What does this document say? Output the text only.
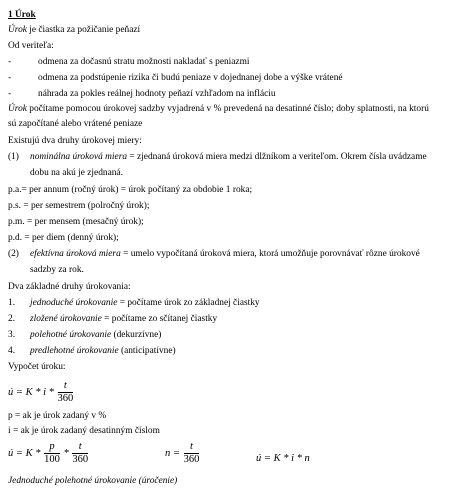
1 Úrok
Úrok je čiastka za požičanie peňazí
Od veriteľa:
-	odmena za dočasnú stratu možnosti nakladať s peniazmi
-	odmena za podstúpenie rizika či budú peniaze v dojednanej dobe a výške vrátené
-	náhrada za pokles reálnej hodnoty peňazí vzhľadom na infláciu
Úrok počítame pomocou úrokovej sadzby vyjadrená v % prevedená na desatinné číslo; doby splatnosti, na ktorú
sú započítané alebo vrátené peniaze
Existujú dva druhy úrokovej miery:
(1) nominálna úroková miera = zjednaná úroková miera medzi dlžníkom a veriteľom. Okrem čísla uvádzame
dobu na akú je zjednaná.
p.a.= per annum (ročný úrok) = úrok počítaný za obdobie 1 roka;
p.s. = per semestrem (polročný úrok);
p.m. = per mensem (mesačný úrok);
p.d. = per diem (denný úrok);
(2) efektívna úroková miera = umelo vypočítaná úroková miera, ktorá umožňuje porovnávať rôzne úrokové
sadzby za rok.
Dva základné druhy úrokovania:
1. jednoduché úrokovanie = počítame úrok zo základnej čiastky
2. zložené úrokovanie = počítame zo sčítanej čiastky
3. polehotné úrokovanie (dekurzívne)
4. predlehotné úrokovanie (anticipatívne)
Vypočet úroku:
ú = K * i * $\frac{t}{360}$
p = ak je úrok zadaný v %
i = ak je úrok zadaný desatinným číslom
ú = K * $\frac{p}{100} * \frac{t}{360}$	$n = \frac{t}{360}$	ú = K * i * n
Jednoduché polehotné úrokovanie (úročenie)
